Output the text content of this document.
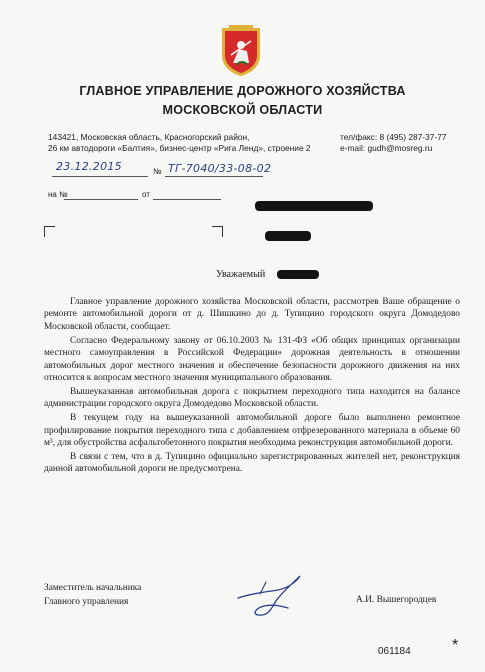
ГЛАВНОЕ УПРАВЛЕНИЕ ДОРОЖНОГО ХОЗЯЙСТВА
МОСКОВСКОЙ ОБЛАСТИ
143421, Московская область, Красногорский район,
26 км автодороги «Балтия», бизнес-центр «Рига Ленд», строение 2
тел/факс: 8 (495) 287-37-77
e-mail: gudh@mosreg.ru
№
23.12.2015	ТГ-7040/33-08-02
на №	от
Уважаемый

Главное управление дорожного хозяйства Московской области, рассмотрев Ваше обращение о ремонте автомобильной дороги от д. Шишкино до д. Тупицино городского округа Домодедово Московской области, сообщает.

Согласно Федеральному закону от 06.10.2003 № 131-ФЗ «Об общих принципах организации местного самоуправления в Российской Федерации» дорожная деятельность в отношении автомобильных дорог местного значения и обеспечение безопасности дорожного движения на них относится к вопросам местного значения муниципального образования.

Вышеуказанная автомобильная дорога с покрытием переходного типа находится на балансе администрации городского округа Домодедово Московской области.

В текущем году на вышеуказанной автомобильной дороге было выполнено ремонтное профилирование покрытия переходного типа с добавлением отфрезерованного материала в объеме 60 м³, для обустройства асфальтобетонного покрытия необходима реконструкция автомобильной дороги.

В связи с тем, что в д. Тупицино официально зарегистрированных жителей нет, реконструкция данной автомобильной дороги не предусмотрена.

Заместитель начальника
Главного управления	А.И. Вышегородцев
061184	*
